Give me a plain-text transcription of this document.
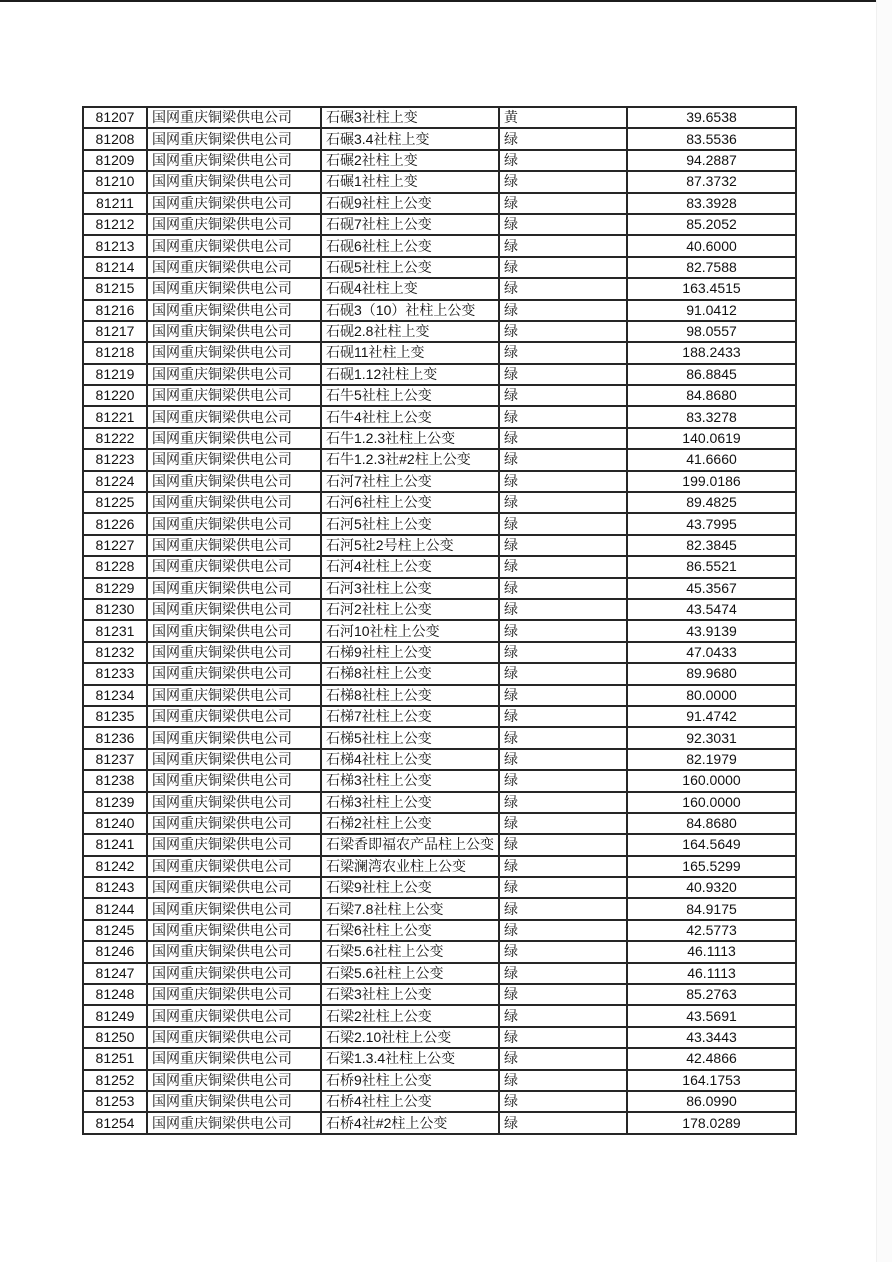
81207	国网重庆铜梁供电公司	石碾3社柱上变	黄	39.6538
81208	国网重庆铜梁供电公司	石碾3.4社柱上变	绿	83.5536
81209	国网重庆铜梁供电公司	石碾2社柱上变	绿	94.2887
81210	国网重庆铜梁供电公司	石碾1社柱上变	绿	87.3732
81211	国网重庆铜梁供电公司	石砚9社柱上公变	绿	83.3928
81212	国网重庆铜梁供电公司	石砚7社柱上公变	绿	85.2052
81213	国网重庆铜梁供电公司	石砚6社柱上公变	绿	40.6000
81214	国网重庆铜梁供电公司	石砚5社柱上公变	绿	82.7588
81215	国网重庆铜梁供电公司	石砚4社柱上变	绿	163.4515
81216	国网重庆铜梁供电公司	石砚3（10）社柱上公变	绿	91.0412
81217	国网重庆铜梁供电公司	石砚2.8社柱上变	绿	98.0557
81218	国网重庆铜梁供电公司	石砚11社柱上变	绿	188.2433
81219	国网重庆铜梁供电公司	石砚1.12社柱上变	绿	86.8845
81220	国网重庆铜梁供电公司	石牛5社柱上公变	绿	84.8680
81221	国网重庆铜梁供电公司	石牛4社柱上公变	绿	83.3278
81222	国网重庆铜梁供电公司	石牛1.2.3社柱上公变	绿	140.0619
81223	国网重庆铜梁供电公司	石牛1.2.3社#2柱上公变	绿	41.6660
81224	国网重庆铜梁供电公司	石河7社柱上公变	绿	199.0186
81225	国网重庆铜梁供电公司	石河6社柱上公变	绿	89.4825
81226	国网重庆铜梁供电公司	石河5社柱上公变	绿	43.7995
81227	国网重庆铜梁供电公司	石河5社2号柱上公变	绿	82.3845
81228	国网重庆铜梁供电公司	石河4社柱上公变	绿	86.5521
81229	国网重庆铜梁供电公司	石河3社柱上公变	绿	45.3567
81230	国网重庆铜梁供电公司	石河2社柱上公变	绿	43.5474
81231	国网重庆铜梁供电公司	石河10社柱上公变	绿	43.9139
81232	国网重庆铜梁供电公司	石梯9社柱上公变	绿	47.0433
81233	国网重庆铜梁供电公司	石梯8社柱上公变	绿	89.9680
81234	国网重庆铜梁供电公司	石梯8社柱上公变	绿	80.0000
81235	国网重庆铜梁供电公司	石梯7社柱上公变	绿	91.4742
81236	国网重庆铜梁供电公司	石梯5社柱上公变	绿	92.3031
81237	国网重庆铜梁供电公司	石梯4社柱上公变	绿	82.1979
81238	国网重庆铜梁供电公司	石梯3社柱上公变	绿	160.0000
81239	国网重庆铜梁供电公司	石梯3社柱上公变	绿	160.0000
81240	国网重庆铜梁供电公司	石梯2社柱上公变	绿	84.8680
81241	国网重庆铜梁供电公司	石梁香即福农产品柱上公变	绿	164.5649
81242	国网重庆铜梁供电公司	石梁澜湾农业柱上公变	绿	165.5299
81243	国网重庆铜梁供电公司	石梁9社柱上公变	绿	40.9320
81244	国网重庆铜梁供电公司	石梁7.8社柱上公变	绿	84.9175
81245	国网重庆铜梁供电公司	石梁6社柱上公变	绿	42.5773
81246	国网重庆铜梁供电公司	石梁5.6社柱上公变	绿	46.1113
81247	国网重庆铜梁供电公司	石梁5.6社柱上公变	绿	46.1113
81248	国网重庆铜梁供电公司	石梁3社柱上公变	绿	85.2763
81249	国网重庆铜梁供电公司	石梁2社柱上公变	绿	43.5691
81250	国网重庆铜梁供电公司	石梁2.10社柱上公变	绿	43.3443
81251	国网重庆铜梁供电公司	石梁1.3.4社柱上公变	绿	42.4866
81252	国网重庆铜梁供电公司	石桥9社柱上公变	绿	164.1753
81253	国网重庆铜梁供电公司	石桥4社柱上公变	绿	86.0990
81254	国网重庆铜梁供电公司	石桥4社#2柱上公变	绿	178.0289
